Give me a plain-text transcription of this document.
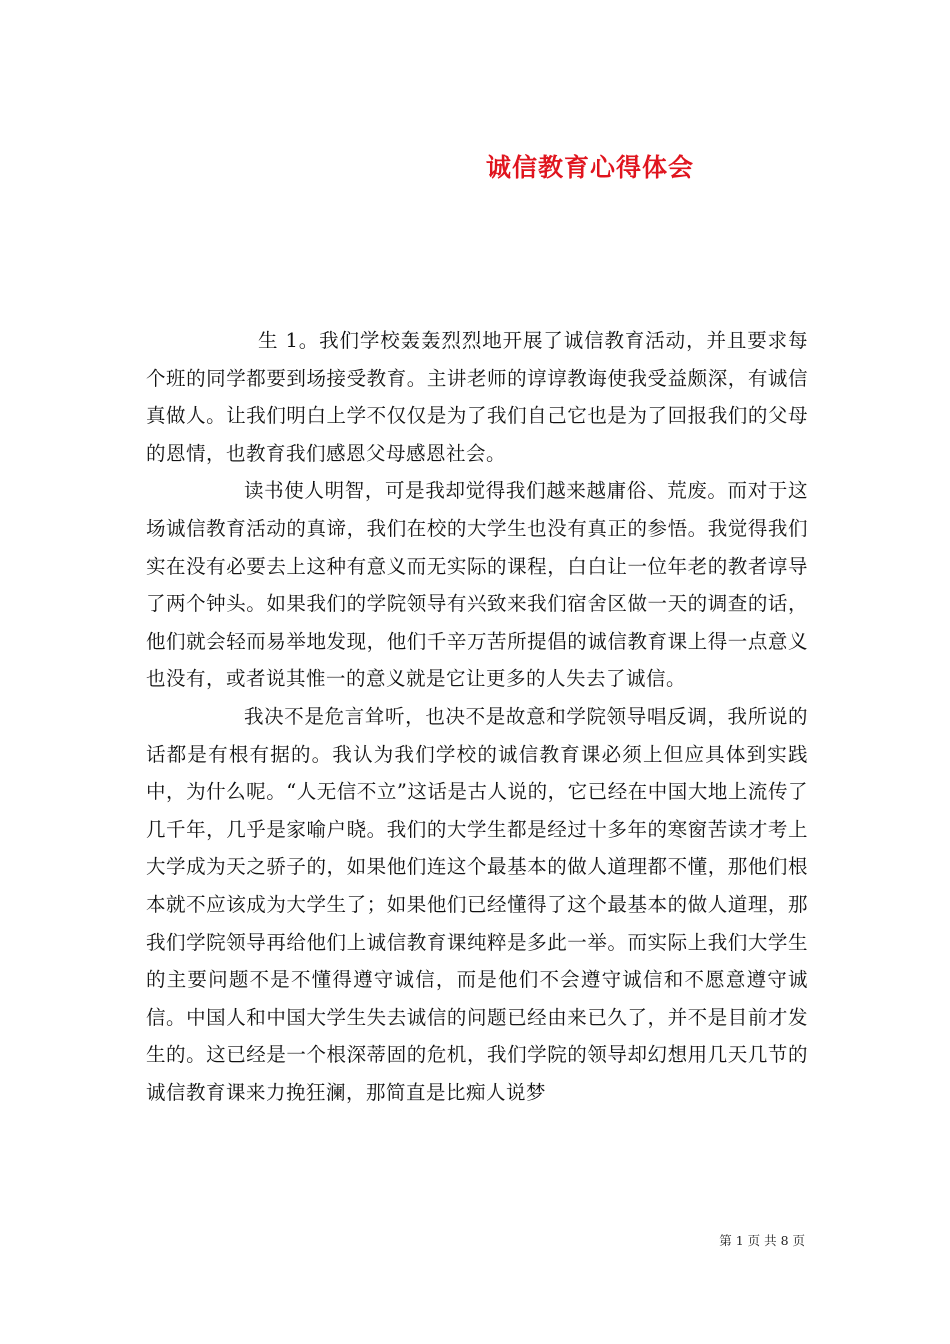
诚信教育心得体会

生 1。我们学校轰轰烈烈地开展了诚信教育活动，并且要求每个班的同学都要到场接受教育。主讲老师的谆谆教诲使我受益颇深，有诚信真做人。让我们明白上学不仅仅是为了我们自己它也是为了回报我们的父母的恩情，也教育我们感恩父母感恩社会。

读书使人明智，可是我却觉得我们越来越庸俗、荒废。而对于这场诚信教育活动的真谛，我们在校的大学生也没有真正的参悟。我觉得我们实在没有必要去上这种有意义而无实际的课程，白白让一位年老的教者谆导了两个钟头。如果我们的学院领导有兴致来我们宿舍区做一天的调查的话，他们就会轻而易举地发现，他们千辛万苦所提倡的诚信教育课上得一点意义也没有，或者说其惟一的意义就是它让更多的人失去了诚信。

我决不是危言耸听，也决不是故意和学院领导唱反调，我所说的话都是有根有据的。我认为我们学校的诚信教育课必须上但应具体到实践中，为什么呢。“人无信不立”这话是古人说的，它已经在中国大地上流传了几千年，几乎是家喻户晓。我们的大学生都是经过十多年的寒窗苦读才考上大学成为天之骄子的，如果他们连这个最基本的做人道理都不懂，那他们根本就不应该成为大学生了；如果他们已经懂得了这个最基本的做人道理，那我们学院领导再给他们上诚信教育课纯粹是多此一举。而实际上我们大学生的主要问题不是不懂得遵守诚信，而是他们不会遵守诚信和不愿意遵守诚信。中国人和中国大学生失去诚信的问题已经由来已久了，并不是目前才发生的。这已经是一个根深蒂固的危机，我们学院的领导却幻想用几天几节的诚信教育课来力挽狂澜，那简直是比痴人说梦

第 1 页 共 8 页
